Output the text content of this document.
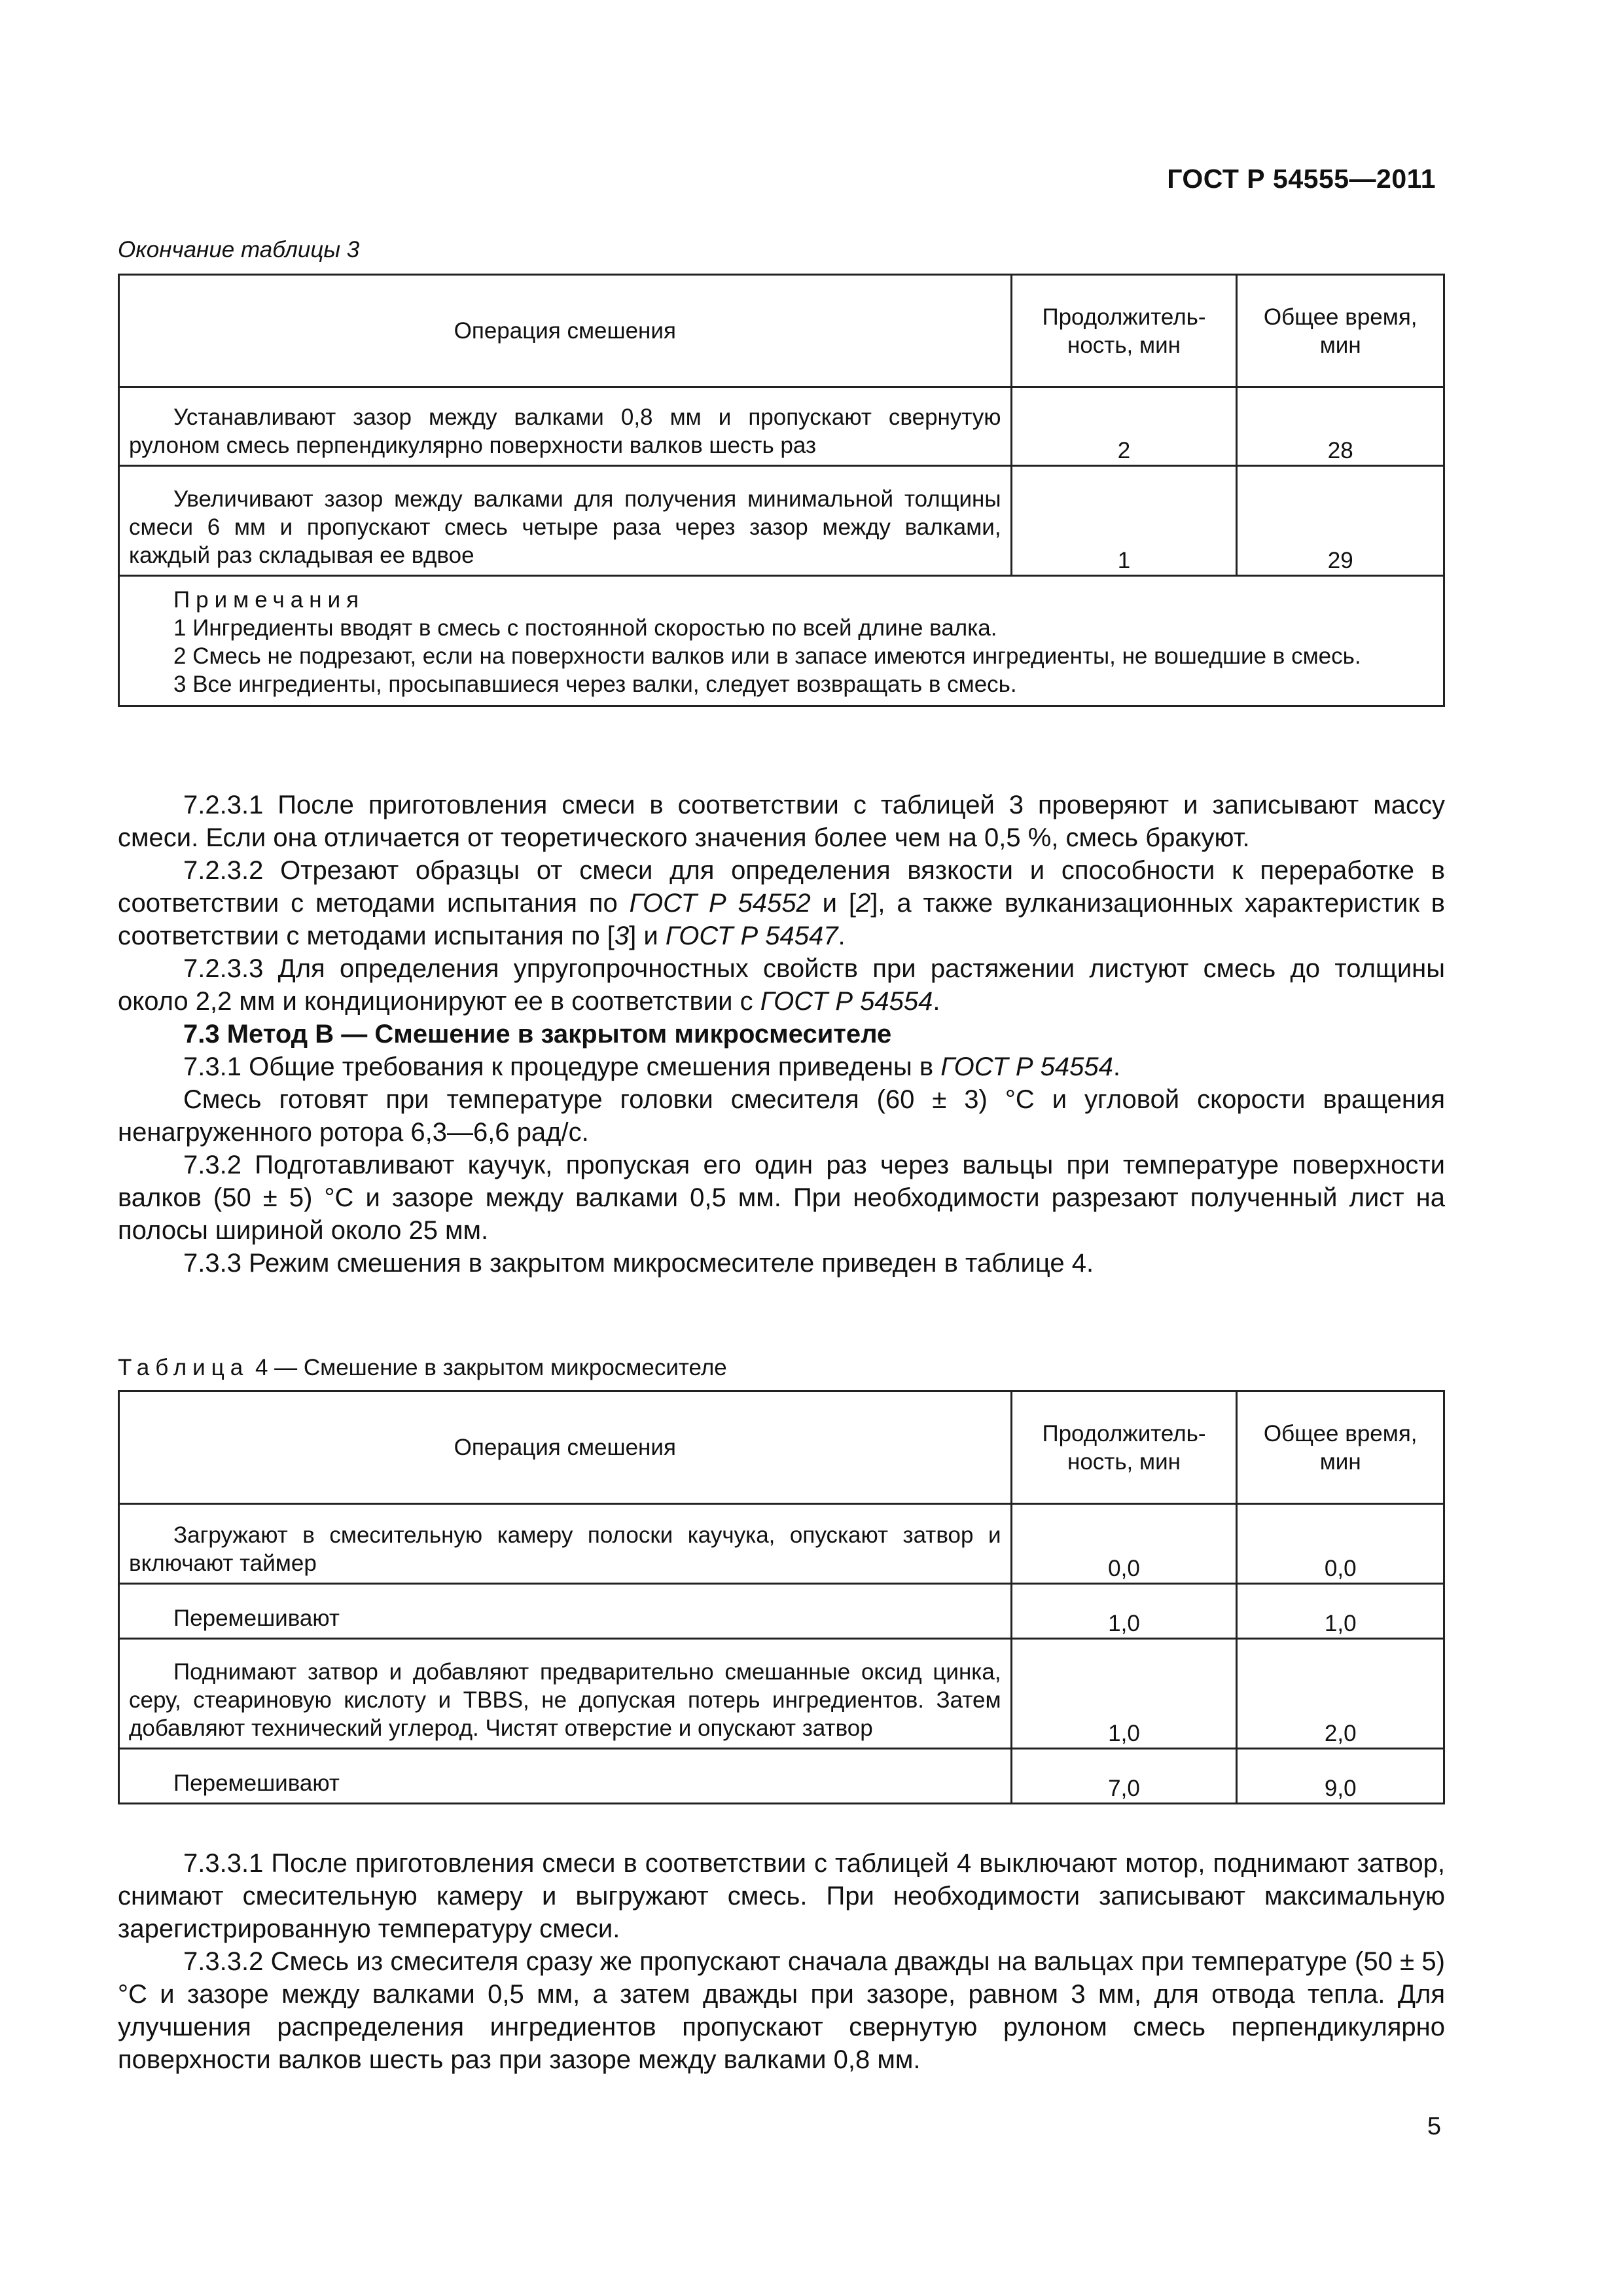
ГОСТ Р 54555—2011
Окончание таблицы 3
Операция смешения	Продолжитель-ность, мин	Общее время, мин

Устанавливают зазор между валками 0,8 мм и пропускают свернутую рулоном смесь перпендикулярно поверхности валков шесть раз	2	28

Увеличивают зазор между валками для получения минимальной толщины смеси 6 мм и пропускают смесь четыре раза через зазор между валками, каждый раз складывая ее вдвое	1	29

Примечания
1 Ингредиенты вводят в смесь с постоянной скоростью по всей длине валка.
2 Смесь не подрезают, если на поверхности валков или в запасе имеются ингредиенты, не вошедшие в смесь.
3 Все ингредиенты, просыпавшиеся через валки, следует возвращать в смесь.		

7.2.3.1 После приготовления смеси в соответствии с таблицей 3 проверяют и записывают массу смеси. Если она отличается от теоретического значения более чем на 0,5 %, смесь бракуют.

7.2.3.2 Отрезают образцы от смеси для определения вязкости и способности к переработке в соответствии с методами испытания по ГОСТ Р 54552 и [2], а также вулканизационных характеристик в соответствии с методами испытания по [3] и ГОСТ Р 54547.

7.2.3.3 Для определения упругопрочностных свойств при растяжении листуют смесь до толщины около 2,2 мм и кондиционируют ее в соответствии с ГОСТ Р 54554.

7.3 Метод В — Смешение в закрытом микросмесителе

7.3.1 Общие требования к процедуре смешения приведены в ГОСТ Р 54554.

Смесь готовят при температуре головки смесителя (60 ± 3) °С и угловой скорости вращения ненагруженного ротора 6,3—6,6 рад/с.

7.3.2 Подготавливают каучук, пропуская его один раз через вальцы при температуре поверхности валков (50 ± 5) °С и зазоре между валками 0,5 мм. При необходимости разрезают полученный лист на полосы шириной около 25 мм.

7.3.3 Режим смешения в закрытом микросмесителе приведен в таблице 4.

Таблица 4 — Смешение в закрытом микросмесителе
Операция смешения	Продолжитель-ность, мин	Общее время, мин

Загружают в смесительную камеру полоски каучука, опускают затвор и включают таймер	0,0	0,0

Перемешивают	1,0	1,0

Поднимают затвор и добавляют предварительно смешанные оксид цинка, серу, стеариновую кислоту и TBBS, не допуская потерь ингредиентов. Затем добавляют технический углерод. Чистят отверстие и опускают затвор	1,0	2,0

Перемешивают	7,0	9,0

7.3.3.1 После приготовления смеси в соответствии с таблицей 4 выключают мотор, поднимают затвор, снимают смесительную камеру и выгружают смесь. При необходимости записывают максимальную зарегистрированную температуру смеси.

7.3.3.2 Смесь из смесителя сразу же пропускают сначала дважды на вальцах при температуре (50 ± 5) °С и зазоре между валками 0,5 мм, а затем дважды при зазоре, равном 3 мм, для отвода тепла. Для улучшения распределения ингредиентов пропускают свернутую рулоном смесь перпендикулярно поверхности валков шесть раз при зазоре между валками 0,8 мм.

5
